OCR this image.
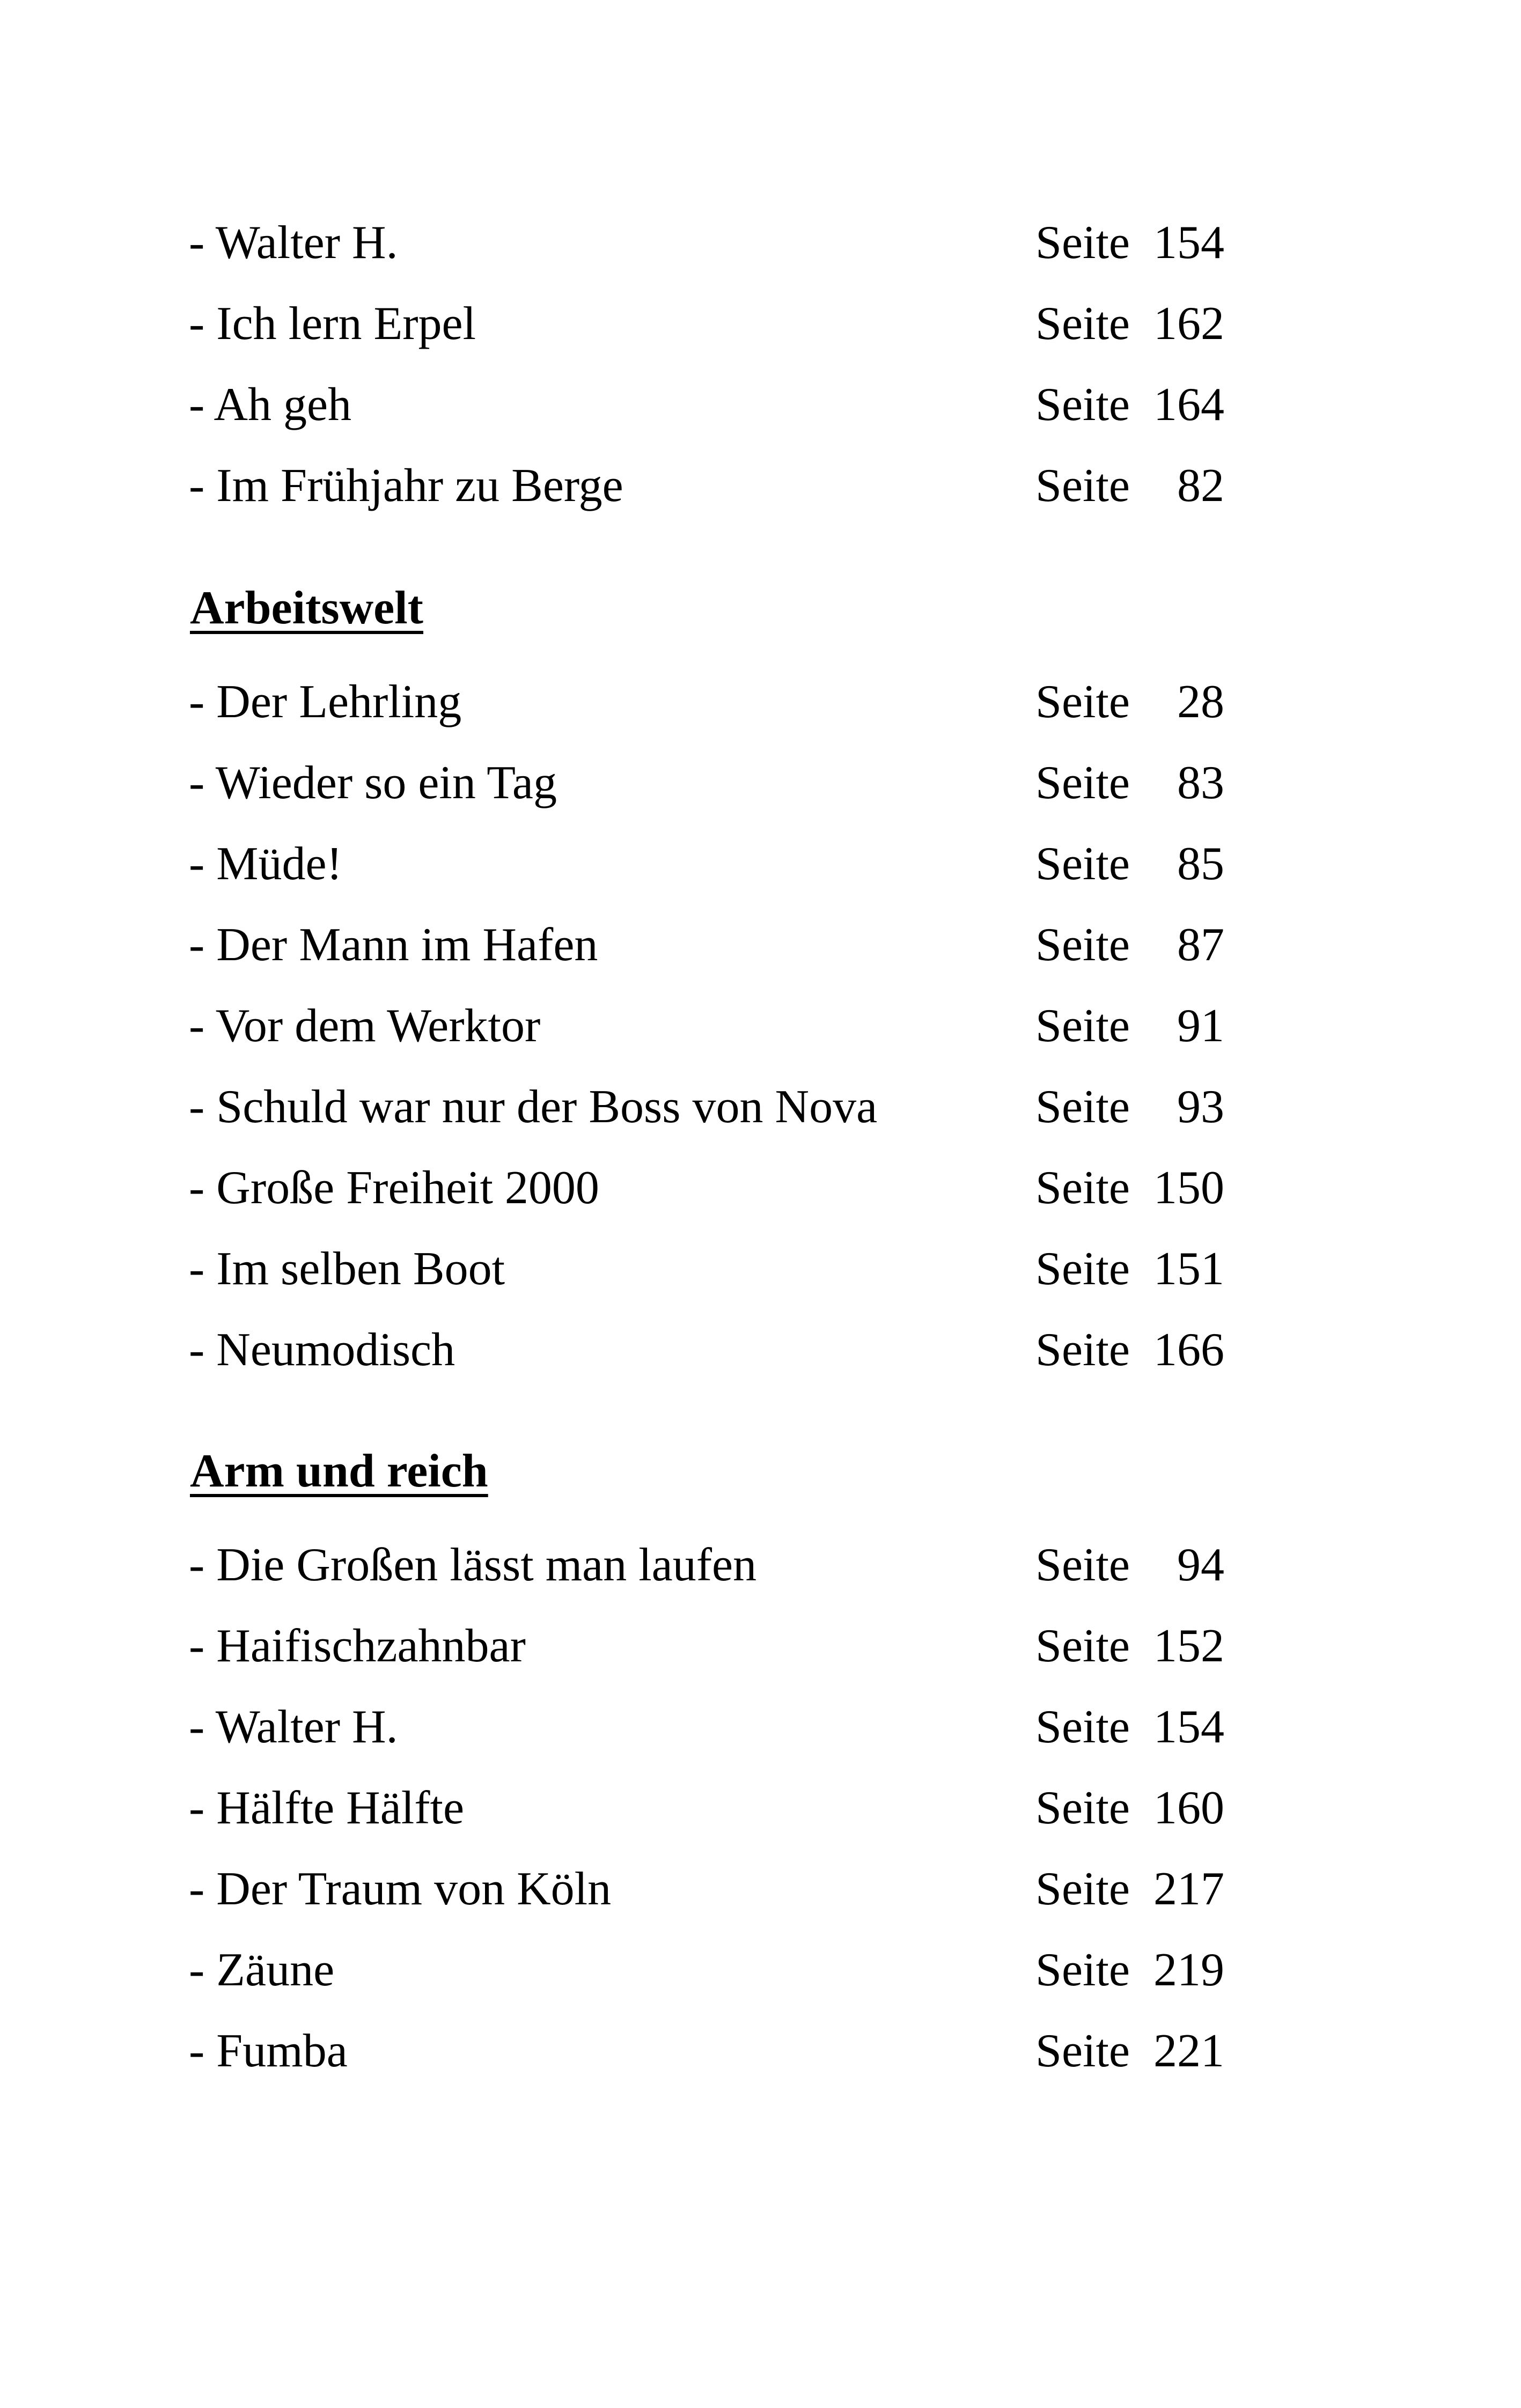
- Walter H.	Seite 154
- Ich lern Erpel	Seite 162
- Ah geh	Seite 164
- Im Frühjahr zu Berge	Seite 82
Arbeitswelt
- Der Lehrling	Seite 28
- Wieder so ein Tag	Seite 83
- Müde!	Seite 85
- Der Mann im Hafen	Seite 87
- Vor dem Werktor	Seite 91
- Schuld war nur der Boss von Nova	Seite 93
- Große Freiheit 2000	Seite 150
- Im selben Boot	Seite 151
- Neumodisch	Seite 166
Arm und reich
- Die Großen lässt man laufen	Seite 94
- Haifischzahnbar	Seite 152
- Walter H.	Seite 154
- Hälfte Hälfte	Seite 160
- Der Traum von Köln	Seite 217
- Zäune	Seite 219
- Fumba	Seite 221
